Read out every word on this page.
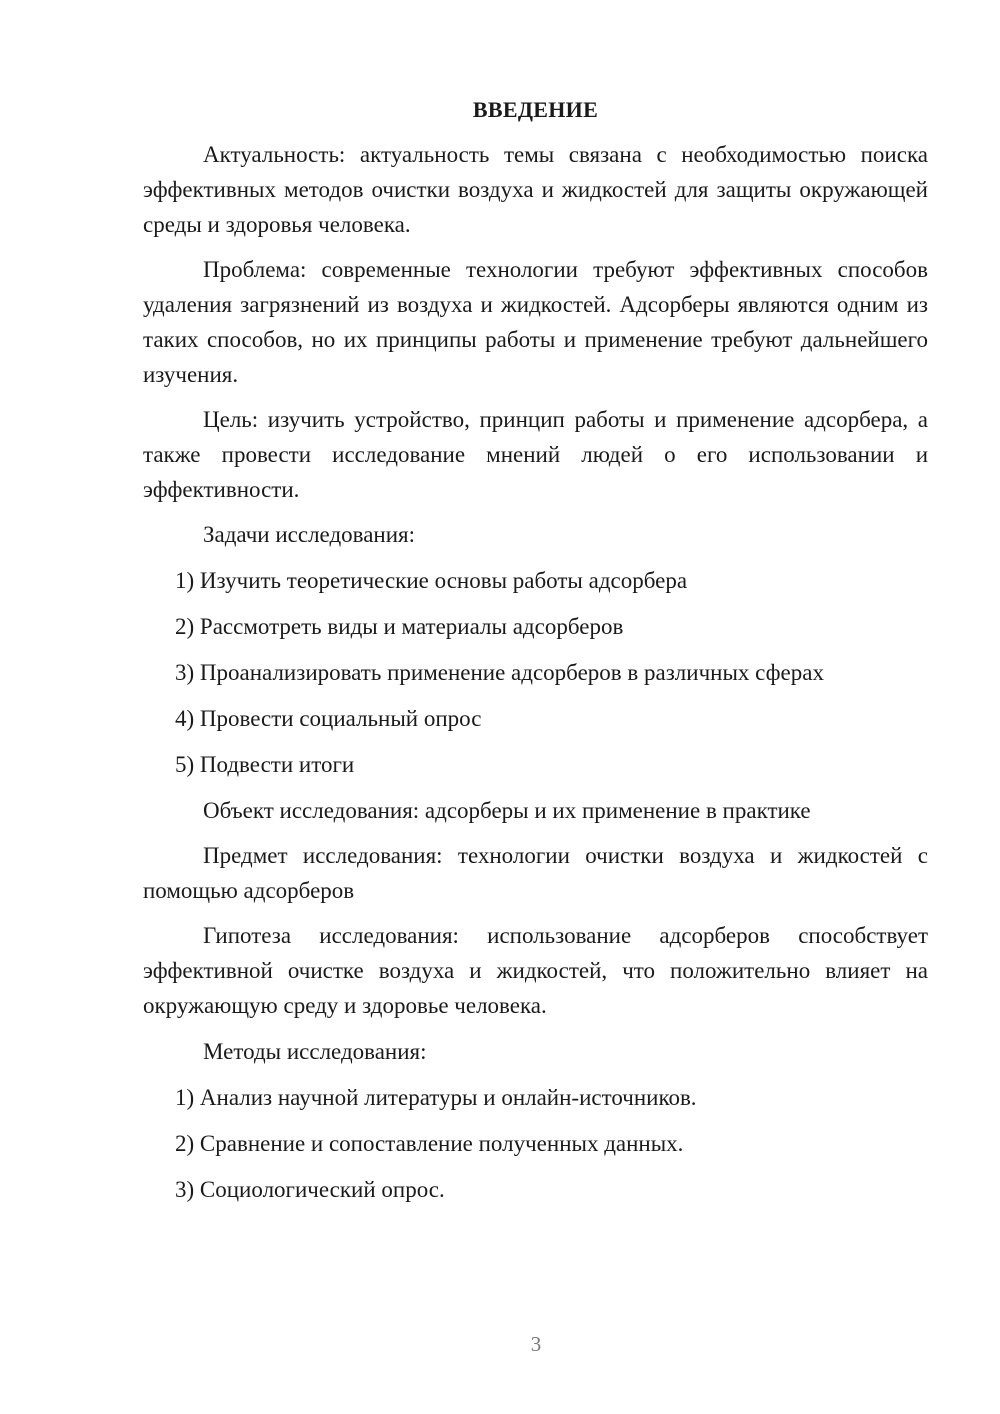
ВВЕДЕНИЕ

Актуальность: актуальность темы связана с необходимостью поиска эффективных методов очистки воздуха и жидкостей для защиты окружающей среды и здоровья человека.

Проблема: современные технологии требуют эффективных способов удаления загрязнений из воздуха и жидкостей. Адсорберы являются одним из таких способов, но их принципы работы и применение требуют дальнейшего изучения.

Цель: изучить устройство, принцип работы и применение адсорбера, а также провести исследование мнений людей о его использовании и эффективности.

Задачи исследования:
1) Изучить теоретические основы работы адсорбера
2) Рассмотреть виды и материалы адсорберов
3) Проанализировать применение адсорберов в различных сферах
4) Провести социальный опрос
5) Подвести итоги

Объект исследования: адсорберы и их применение в практике

Предмет исследования: технологии очистки воздуха и жидкостей с помощью адсорберов

Гипотеза исследования: использование адсорберов способствует эффективной очистке воздуха и жидкостей, что положительно влияет на окружающую среду и здоровье человека.

Методы исследования:
1) Анализ научной литературы и онлайн-источников.
2) Сравнение и сопоставление полученных данных.
3) Социологический опрос.
3
